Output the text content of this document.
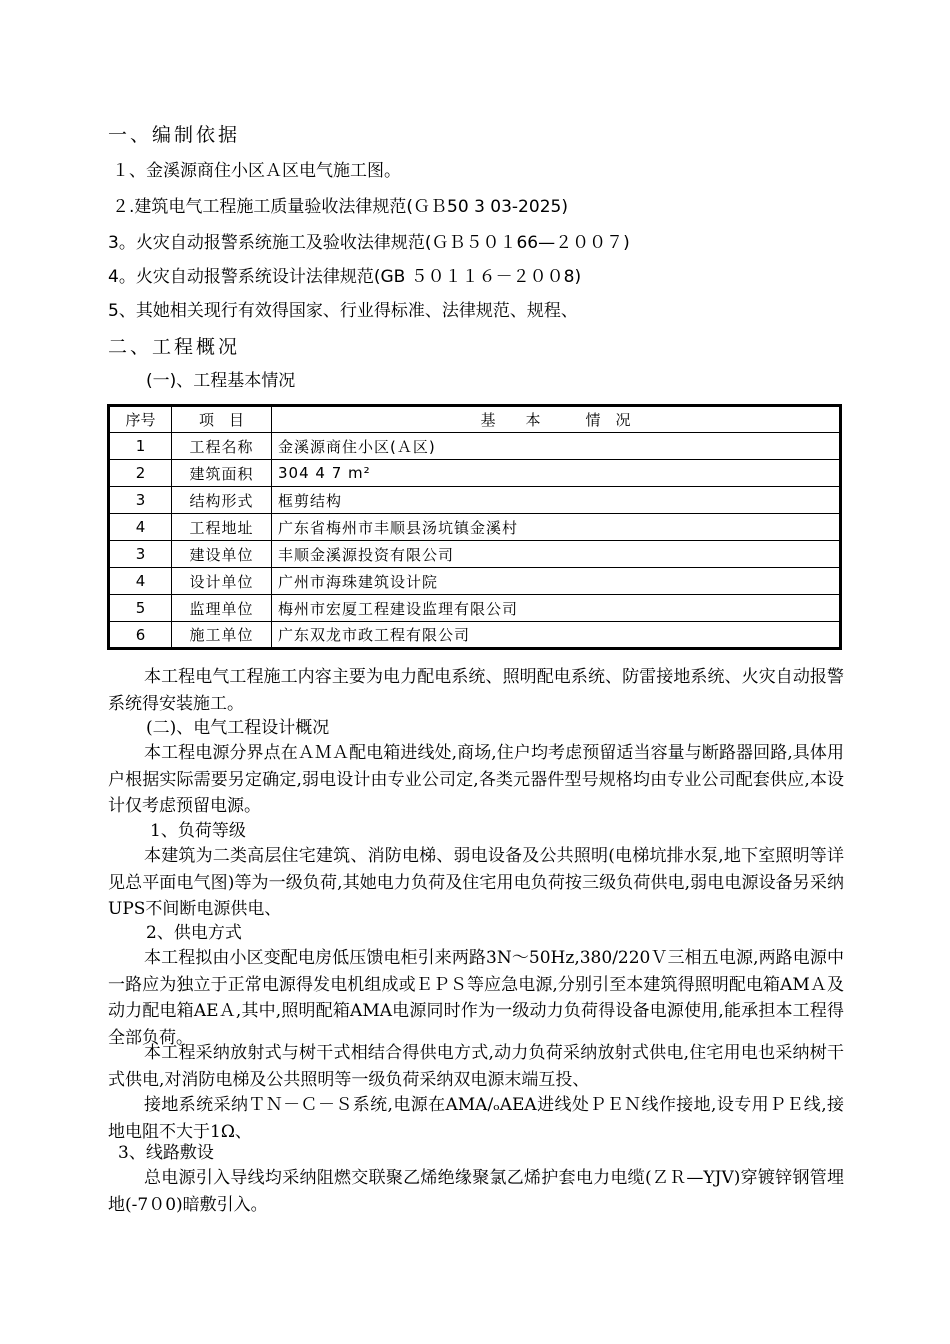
一、编制依据
１、金溪源商住小区Ａ区电气施工图。
２.建筑电气工程施工质量验收法律规范(ＧＢ50 3 03-2025)
3。火灾自动报警系统施工及验收法律规范(ＧＢ５０１66—２００７)
4。火灾自动报警系统设计法律规范(GB ５０１１６－２００8)
5、其她相关现行有效得国家、行业得标准、法律规范、规程、
二、工程概况
(一)、工程基本情况
序号	项　目	基　　本　　　情　况
1	工程名称	金溪源商住小区(Ａ区)
2	建筑面积	304 4 7 m²
3	结构形式	框剪结构
4	工程地址	广东省梅州市丰顺县汤坑镇金溪村
3	建设单位	丰顺金溪源投资有限公司
4	设计单位	广州市海珠建筑设计院
5	监理单位	梅州市宏厦工程建设监理有限公司
6	施工单位	广东双龙市政工程有限公司
本工程电气工程施工内容主要为电力配电系统、照明配电系统、防雷接地系统、火灾自动报警系统得安装施工。
(二)、电气工程设计概况
本工程电源分界点在ＡＭＡ配电箱进线处,商场,住户均考虑预留适当容量与断路器回路,具体用户根据实际需要另定确定,弱电设计由专业公司定,各类元器件型号规格均由专业公司配套供应,本设计仅考虑预留电源。
1、负荷等级
本建筑为二类高层住宅建筑、消防电梯、弱电设备及公共照明(电梯坑排水泵,地下室照明等详见总平面电气图)等为一级负荷,其她电力负荷及住宅用电负荷按三级负荷供电,弱电电源设备另采纳UPS不间断电源供电、
2、供电方式
本工程拟由小区变配电房低压馈电柜引来两路3N～50Hz,380/220Ｖ三相五电源,两路电源中一路应为独立于正常电源得发电机组成或ＥＰＳ等应急电源,分别引至本建筑得照明配电箱AMＡ及动力配电箱AEＡ,其中,照明配箱AMA电源同时作为一级动力负荷得设备电源使用,能承担本工程得全部负荷。
本工程采纳放射式与树干式相结合得供电方式,动力负荷采纳放射式供电,住宅用电也采纳树干式供电,对消防电梯及公共照明等一级负荷采纳双电源末端互投、
接地系统采纳ＴＮ－Ｃ－Ｓ系统,电源在AMA/ₒAEA进线处ＰＥＮ线作接地,设专用ＰＥ线,接地电阻不大于1Ω、
3、线路敷设
总电源引入导线均采纳阻燃交联聚乙烯绝缘聚氯乙烯护套电力电缆(ＺＲ—YJV)穿镀锌钢管埋地(-7０0)暗敷引入。
